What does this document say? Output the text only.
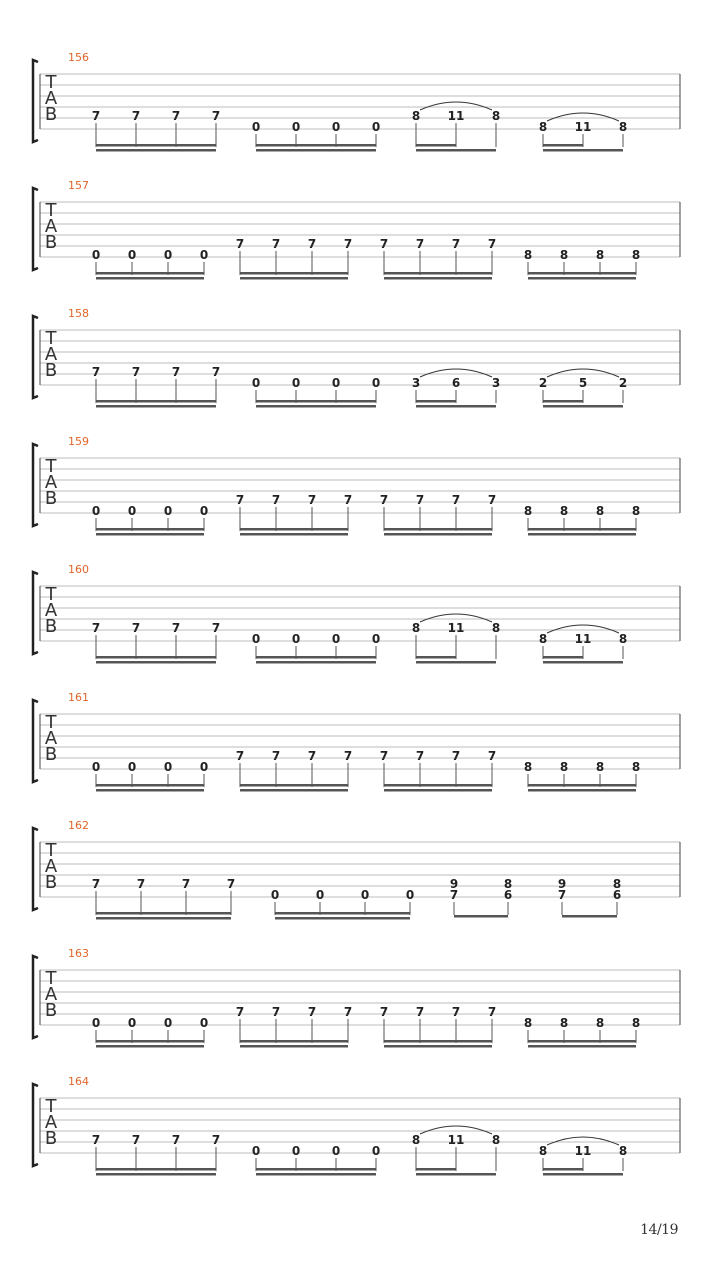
T
A
B
156
7	7	7	7
0	0	0	0
8 11 8
8 11 8
T
A
B
157
0 0 0 0
7 7 7 7 7 7 7 7
8 8 8 8
T
A
B
158
7	7	7	7
0	0	0	0	3	6	3	2	5	2
T
A
B
159
0 0 0 0
7 7 7 7 7 7 7 7
8 8 8 8
T
A
B
160
7	7	7	7
0	0	0	0
8 11 8
8 11 8
T
A
B
161
0 0 0 0
7 7 7 7 7 7 7 7
8 8 8 8
T
A
B
162
7	7	7	7
0	0	0	0
9
7
8
6
9
7
8
6
T
A
B
163
0 0 0 0
7 7 7 7 7 7 7 7
8 8 8 8
T
A
B
164
7	7	7	7
0	0	0	0
8 11 8
8 11 8
14/19
